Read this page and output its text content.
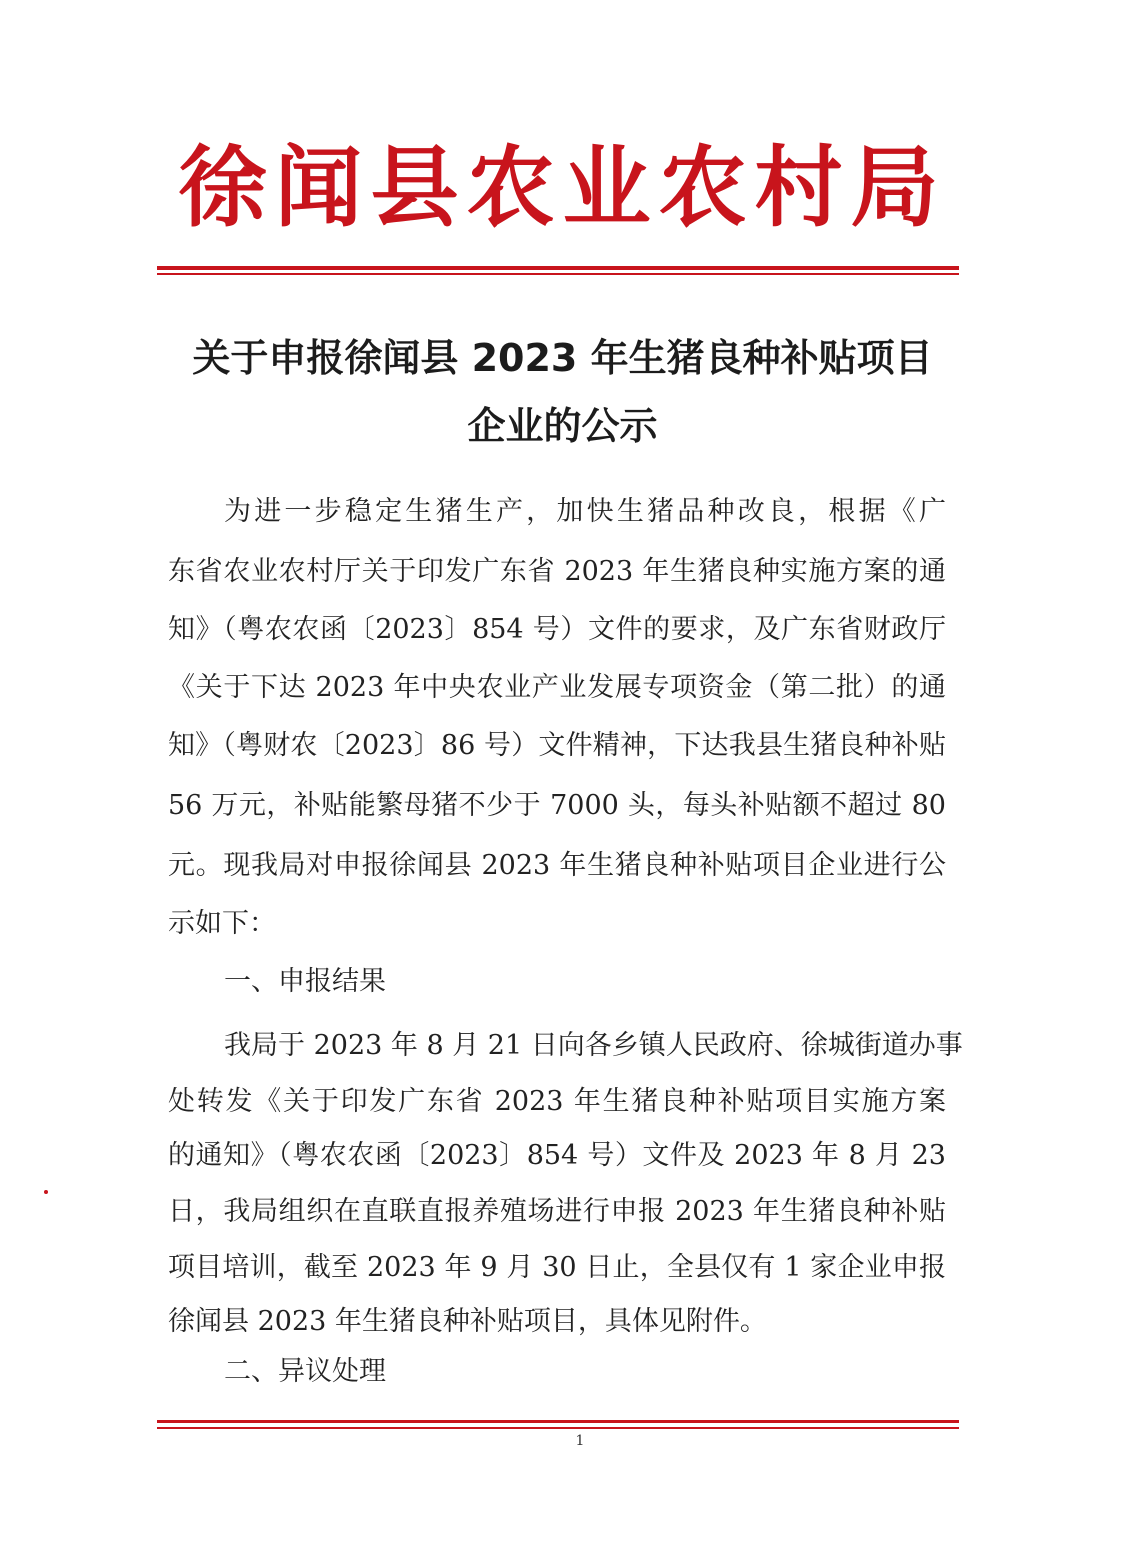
徐闻县农业农村局
关于申报徐闻县 2023 年生猪良种补贴项目
企业的公示
为进一步稳定生猪生产，加快生猪品种改良，根据《广
东省农业农村厅关于印发广东省 2023 年生猪良种实施方案的通
知》（粤农农函〔2023〕854 号）文件的要求，及广东省财政厅
《关于下达 2023 年中央农业产业发展专项资金（第二批）的通
知》（粤财农〔2023〕86 号）文件精神，下达我县生猪良种补贴
56 万元，补贴能繁母猪不少于 7000 头，每头补贴额不超过 80
元。现我局对申报徐闻县 2023 年生猪良种补贴项目企业进行公
示如下：
一、申报结果
我局于 2023 年 8 月 21 日向各乡镇人民政府、徐城街道办事
处转发《关于印发广东省 2023 年生猪良种补贴项目实施方案
的通知》（粤农农函〔2023〕854 号）文件及 2023 年 8 月 23
日，我局组织在直联直报养殖场进行申报 2023 年生猪良种补贴
项目培训，截至 2023 年 9 月 30 日止，全县仅有 1 家企业申报
徐闻县 2023 年生猪良种补贴项目，具体见附件。
二、异议处理
1
